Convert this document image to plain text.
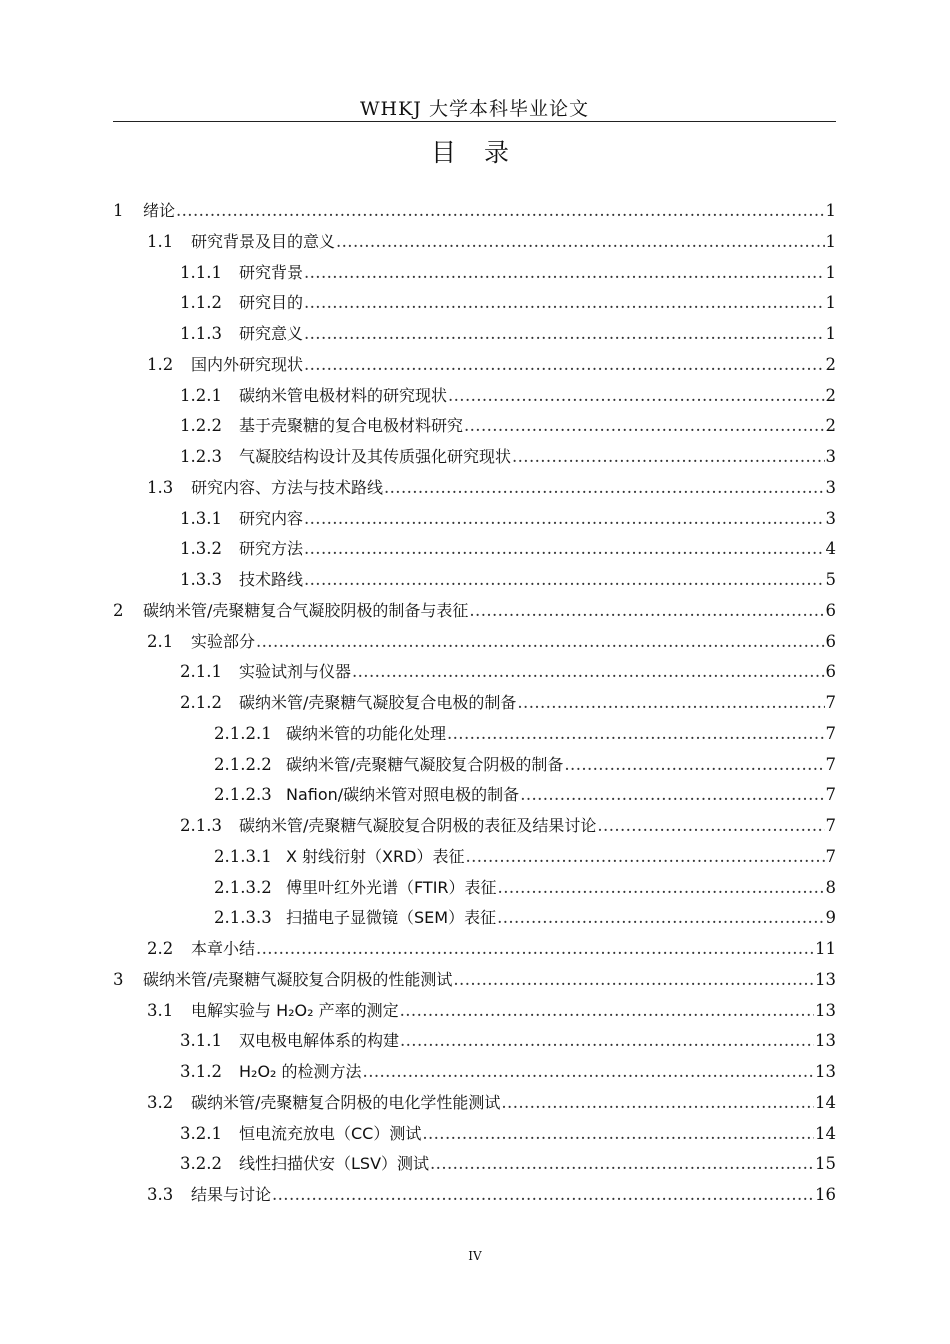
WHKJ 大学本科毕业论文
目 录
1	绪论 .....	1
1.1	研究背景及目的意义 .....	1
1.1.1	研究背景 .....	1
1.1.2	研究目的 .....	1
1.1.3	研究意义 .....	1
1.2	国内外研究现状 .....	2
1.2.1	碳纳米管电极材料的研究现状 .....	2
1.2.2	基于壳聚糖的复合电极材料研究 .....	2
1.2.3	气凝胶结构设计及其传质强化研究现状 .....	3
1.3	研究内容、方法与技术路线 .....	3
1.3.1	研究内容 .....	3
1.3.2	研究方法 .....	4
1.3.3	技术路线 .....	5
2	碳纳米管/壳聚糖复合气凝胶阴极的制备与表征 .....	6
2.1	实验部分 .....	6
2.1.1	实验试剂与仪器 .....	6
2.1.2	碳纳米管/壳聚糖气凝胶复合电极的制备 .....	7
2.1.2.1 碳纳米管的功能化处理 .....	7
2.1.2.2 碳纳米管/壳聚糖气凝胶复合阴极的制备 .....	7
2.1.2.3 Nafion/碳纳米管对照电极的制备 .....	7
2.1.3	碳纳米管/壳聚糖气凝胶复合阴极的表征及结果讨论 .....	7
2.1.3.1 X 射线衍射（XRD）表征 .....	7
2.1.3.2 傅里叶红外光谱（FTIR）表征 .....	8
2.1.3.3 扫描电子显微镜（SEM）表征 .....	9
2.2	本章小结 .....	11
3	碳纳米管/壳聚糖气凝胶复合阴极的性能测试 .....	13
3.1	电解实验与 H₂O₂ 产率的测定 .....	13
3.1.1	双电极电解体系的构建 .....	13
3.1.2	H₂O₂ 的检测方法 .....	13
3.2	碳纳米管/壳聚糖复合阴极的电化学性能测试 .....	14
3.2.1	恒电流充放电（CC）测试 .....	14
3.2.2	线性扫描伏安（LSV）测试 .....	15
3.3	结果与讨论 .....	16
IV
